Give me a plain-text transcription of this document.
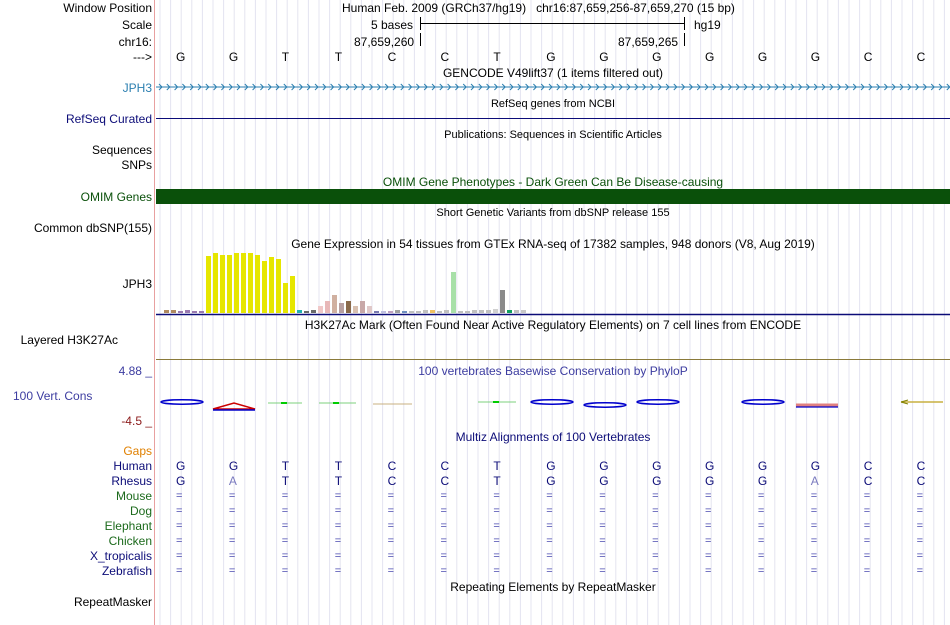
Window Position	Human Feb. 2009 (GRCh37/hg19)   chr16:87,659,256-87,659,270 (15 bp)
Scale	5 bases	hg19
chr16:	87,659,260	87,659,265
---> G	G	T	T	C	C	T	G	G	G	G	G	G	C	C
GENCODE V49lift37 (1 items filtered out)
JPH3
RefSeq genes from NCBI
RefSeq Curated
Publications: Sequences in Scientific Articles
Sequences
SNPs
OMIM Gene Phenotypes - Dark Green Can Be Disease-causing
OMIM Genes
Short Genetic Variants from dbSNP release 155
Common dbSNP(155)
Gene Expression in 54 tissues from GTEx RNA-seq of 17382 samples, 948 donors (V8, Aug 2019)
JPH3
H3K27Ac Mark (Often Found Near Active Regulatory Elements) on 7 cell lines from ENCODE
Layered H3K27Ac
100 vertebrates Basewise Conservation by PhyloP
4.88 _
100 Vert. Cons
-4.5 _
Multiz Alignments of 100 Vertebrates
Gaps
Human G	G	T	T	C	C	T	G	G	G	G	G	G	C	C
Rhesus G	A	T	T	C	C	T	G	G	G	G	G	A	C	C
Mouse =	=	=	=	=	=	=	=	=	=	=	=	=	=	=
Dog =	=	=	=	=	=	=	=	=	=	=	=	=	=	=
Elephant =	=	=	=	=	=	=	=	=	=	=	=	=	=	=
Chicken =	=	=	=	=	=	=	=	=	=	=	=	=	=	=
X_tropicalis =	=	=	=	=	=	=	=	=	=	=	=	=	=	=
Zebrafish =	=	=	=	=	=	=	=	=	=	=	=	=	=	=
Repeating Elements by RepeatMasker
RepeatMasker
